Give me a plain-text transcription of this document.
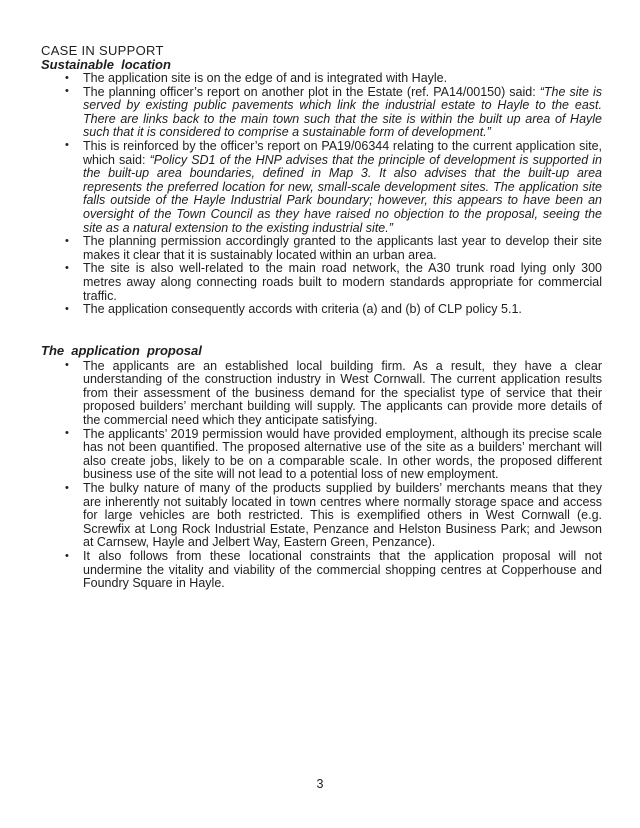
CASE IN SUPPORT
Sustainable location
• The application site is on the edge of and is integrated with Hayle.
• The planning officer’s report on another plot in the Estate (ref. PA14/00150) said: “The site is served by existing public pavements which link the industrial estate to Hayle to the east. There are links back to the main town such that the site is within the built up area of Hayle such that it is considered to comprise a sustainable form of development.”
• This is reinforced by the officer’s report on PA19/06344 relating to the current application site, which said: “Policy SD1 of the HNP advises that the principle of development is supported in the built-up area boundaries, defined in Map 3. It also advises that the built-up area represents the preferred location for new, small-scale development sites. The application site falls outside of the Hayle Industrial Park boundary; however, this appears to have been an oversight of the Town Council as they have raised no objection to the proposal, seeing the site as a natural extension to the existing industrial site.”
• The planning permission accordingly granted to the applicants last year to develop their site makes it clear that it is sustainably located within an urban area.
• The site is also well-related to the main road network, the A30 trunk road lying only 300 metres away along connecting roads built to modern standards appropriate for commercial traffic.
• The application consequently accords with criteria (a) and (b) of CLP policy 5.1.
The application proposal
• The applicants are an established local building firm. As a result, they have a clear understanding of the construction industry in West Cornwall. The current application results from their assessment of the business demand for the specialist type of service that their proposed builders’ merchant building will supply. The applicants can provide more details of the commercial need which they anticipate satisfying.
• The applicants’ 2019 permission would have provided employment, although its precise scale has not been quantified. The proposed alternative use of the site as a builders’ merchant will also create jobs, likely to be on a comparable scale. In other words, the proposed different business use of the site will not lead to a potential loss of new employment.
• The bulky nature of many of the products supplied by builders’ merchants means that they are inherently not suitably located in town centres where normally storage space and access for large vehicles are both restricted. This is exemplified others in West Cornwall (e.g. Screwfix at Long Rock Industrial Estate, Penzance and Helston Business Park; and Jewson at Carnsew, Hayle and Jelbert Way, Eastern Green, Penzance).
• It also follows from these locational constraints that the application proposal will not undermine the vitality and viability of the commercial shopping centres at Copperhouse and Foundry Square in Hayle.
3
